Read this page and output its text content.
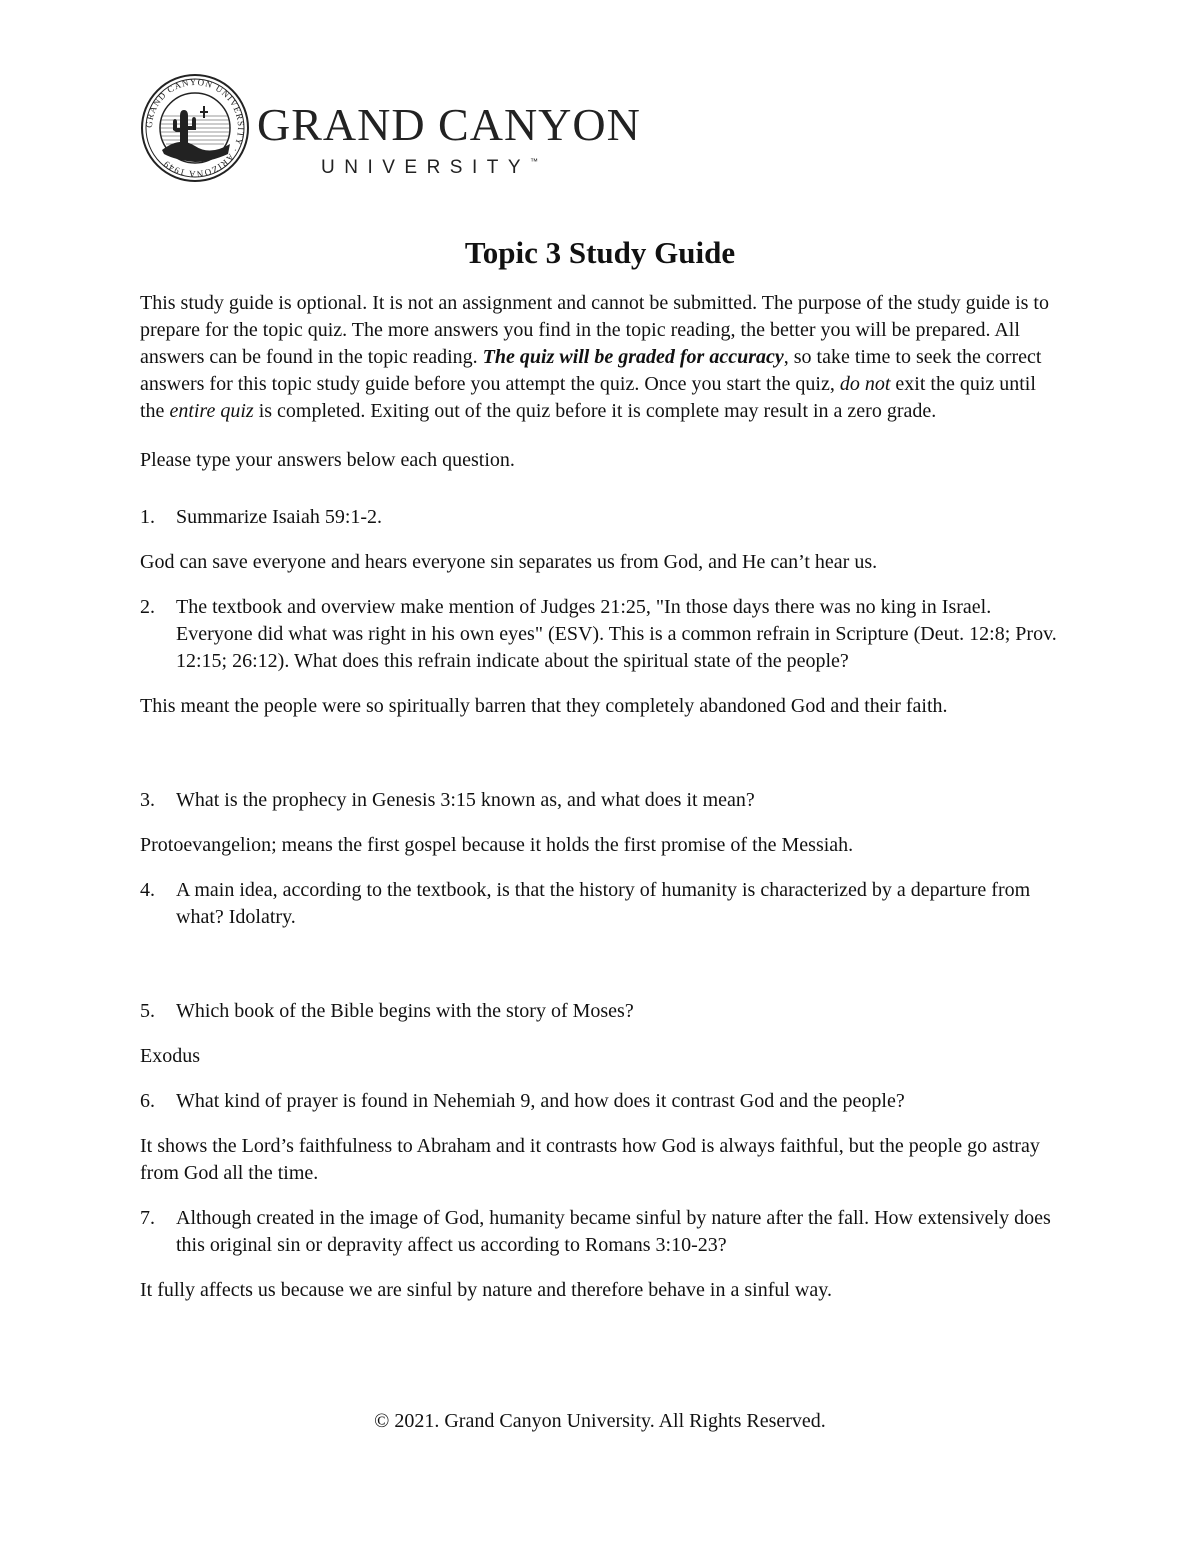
GRAND CANYON UNIVERSITY · ARIZONA 1949
GRAND CANYON
UNIVERSITY™
Topic 3 Study Guide

This study guide is optional. It is not an assignment and cannot be submitted. The purpose of the study guide is to prepare for the topic quiz. The more answers you find in the topic reading, the better you will be prepared. All answers can be found in the topic reading. The quiz will be graded for accuracy, so take time to seek the correct answers for this topic study guide before you attempt the quiz. Once you start the quiz, do not exit the quiz until the entire quiz is completed. Exiting out of the quiz before it is complete may result in a zero grade.

Please type your answers below each question.

1. Summarize Isaiah 59:1-2.

God can save everyone and hears everyone sin separates us from God, and He can’t hear us.

2. The textbook and overview make mention of Judges 21:25, "In those days there was no king in Israel. Everyone did what was right in his own eyes" (ESV). This is a common refrain in Scripture (Deut. 12:8; Prov. 12:15; 26:12). What does this refrain indicate about the spiritual state of the people?

This meant the people were so spiritually barren that they completely abandoned God and their faith.

3. What is the prophecy in Genesis 3:15 known as, and what does it mean?

Protoevangelion; means the first gospel because it holds the first promise of the Messiah.

4. A main idea, according to the textbook, is that the history of humanity is characterized by a departure from what? Idolatry.

5. Which book of the Bible begins with the story of Moses?

Exodus

6. What kind of prayer is found in Nehemiah 9, and how does it contrast God and the people?

It shows the Lord’s faithfulness to Abraham and it contrasts how God is always faithful, but the people go astray from God all the time.

7. Although created in the image of God, humanity became sinful by nature after the fall. How extensively does this original sin or depravity affect us according to Romans 3:10-23?

It fully affects us because we are sinful by nature and therefore behave in a sinful way.

© 2021. Grand Canyon University. All Rights Reserved.
